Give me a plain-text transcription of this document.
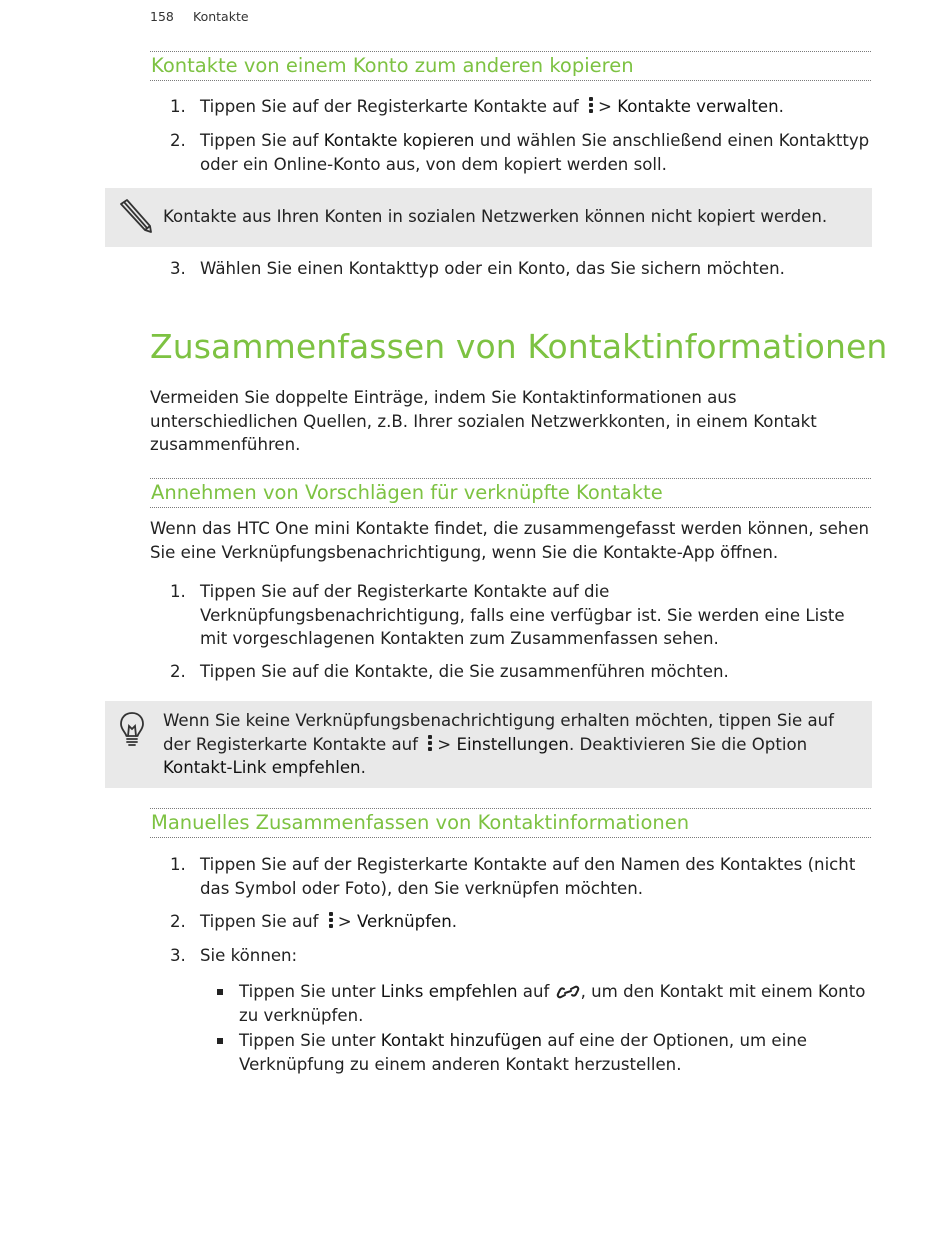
158 Kontakte
Kontakte von einem Konto zum anderen kopieren
1. Tippen Sie auf der Registerkarte Kontakte auf > Kontakte verwalten.
2. Tippen Sie auf Kontakte kopieren und wählen Sie anschließend einen Kontakttyp oder ein Online-Konto aus, von dem kopiert werden soll.
Kontakte aus Ihren Konten in sozialen Netzwerken können nicht kopiert werden.
3. Wählen Sie einen Kontakttyp oder ein Konto, das Sie sichern möchten.
Zusammenfassen von Kontaktinformationen
Vermeiden Sie doppelte Einträge, indem Sie Kontaktinformationen aus unterschiedlichen Quellen, z.B. Ihrer sozialen Netzwerkkonten, in einem Kontakt zusammenführen.
Annehmen von Vorschlägen für verknüpfte Kontakte
Wenn das HTC One mini Kontakte findet, die zusammengefasst werden können, sehen Sie eine Verknüpfungsbenachrichtigung, wenn Sie die Kontakte-App öffnen.
1. Tippen Sie auf der Registerkarte Kontakte auf die Verknüpfungsbenachrichtigung, falls eine verfügbar ist. Sie werden eine Liste mit vorgeschlagenen Kontakten zum Zusammenfassen sehen.
2. Tippen Sie auf die Kontakte, die Sie zusammenführen möchten.
Wenn Sie keine Verknüpfungsbenachrichtigung erhalten möchten, tippen Sie auf der Registerkarte Kontakte auf > Einstellungen. Deaktivieren Sie die Option Kontakt-Link empfehlen.
Manuelles Zusammenfassen von Kontaktinformationen
1. Tippen Sie auf der Registerkarte Kontakte auf den Namen des Kontaktes (nicht das Symbol oder Foto), den Sie verknüpfen möchten.
2. Tippen Sie auf > Verknüpfen.
3. Sie können:
Tippen Sie unter Links empfehlen auf , um den Kontakt mit einem Konto zu verknüpfen.
Tippen Sie unter Kontakt hinzufügen auf eine der Optionen, um eine Verknüpfung zu einem anderen Kontakt herzustellen.
